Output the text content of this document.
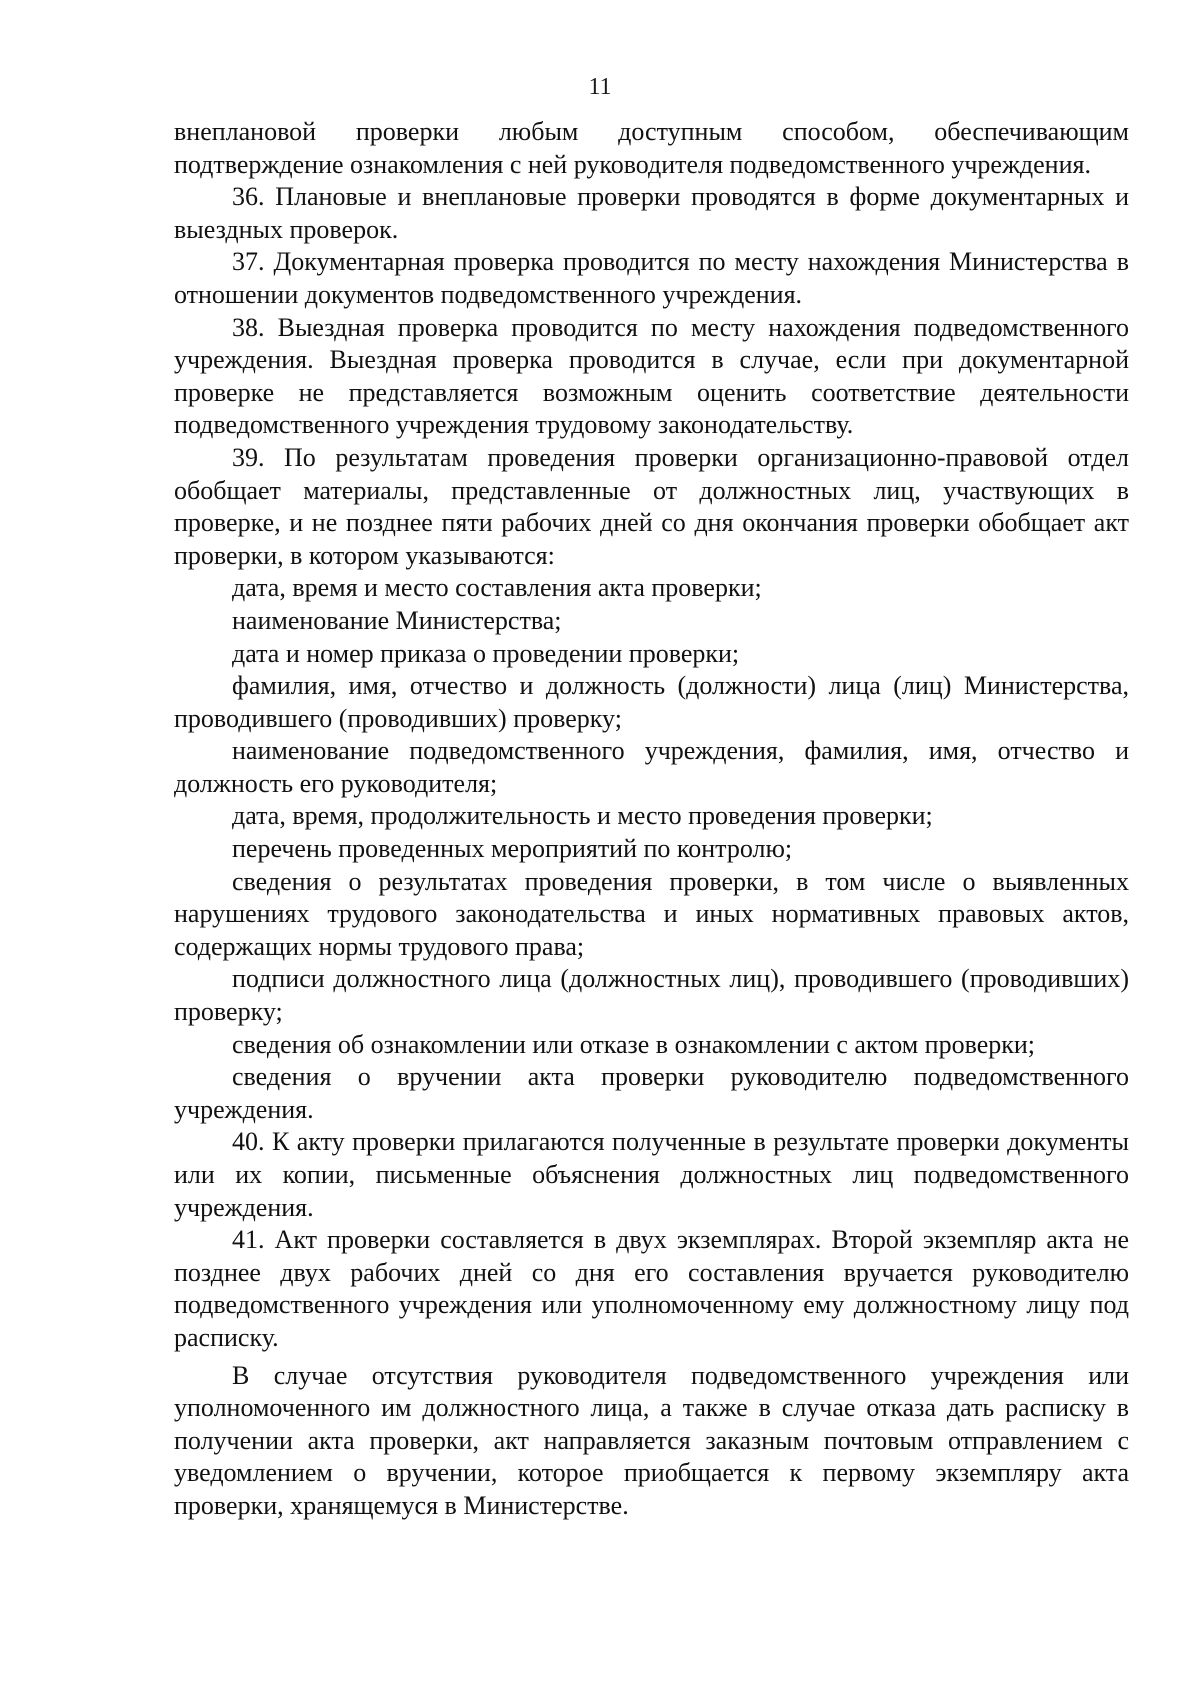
11

внеплановой проверки любым доступным способом, обеспечивающим подтверждение ознакомления с ней руководителя подведомственного учреждения.

36. Плановые и внеплановые проверки проводятся в форме документарных и выездных проверок.

37. Документарная проверка проводится по месту нахождения Министерства в отношении документов подведомственного учреждения.

38. Выездная проверка проводится по месту нахождения подведомственного учреждения. Выездная проверка проводится в случае, если при документарной проверке не представляется возможным оценить соответствие деятельности подведомственного учреждения трудовому законодательству.

39. По результатам проведения проверки организационно-правовой отдел обобщает материалы, представленные от должностных лиц, участвующих в проверке, и не позднее пяти рабочих дней со дня окончания проверки обобщает акт проверки, в котором указываются:

дата, время и место составления акта проверки;

наименование Министерства;

дата и номер приказа о проведении проверки;

фамилия, имя, отчество и должность (должности) лица (лиц) Министерства, проводившего (проводивших) проверку;

наименование подведомственного учреждения, фамилия, имя, отчество и должность его руководителя;

дата, время, продолжительность и место проведения проверки;

перечень проведенных мероприятий по контролю;

сведения о результатах проведения проверки, в том числе о выявленных нарушениях трудового законодательства и иных нормативных правовых актов, содержащих нормы трудового права;

подписи должностного лица (должностных лиц), проводившего (проводивших) проверку;

сведения об ознакомлении или отказе в ознакомлении с актом проверки;

сведения о вручении акта проверки руководителю подведомственного учреждения.

40. К акту проверки прилагаются полученные в результате проверки документы или их копии, письменные объяснения должностных лиц подведомственного учреждения.

41. Акт проверки составляется в двух экземплярах. Второй экземпляр акта не позднее двух рабочих дней со дня его составления вручается руководителю подведомственного учреждения или уполномоченному ему должностному лицу под расписку.

В случае отсутствия руководителя подведомственного учреждения или уполномоченного им должностного лица, а также в случае отказа дать расписку в получении акта проверки, акт направляется заказным почтовым отправлением с уведомлением о вручении, которое приобщается к первому экземпляру акта проверки, хранящемуся в Министерстве.
